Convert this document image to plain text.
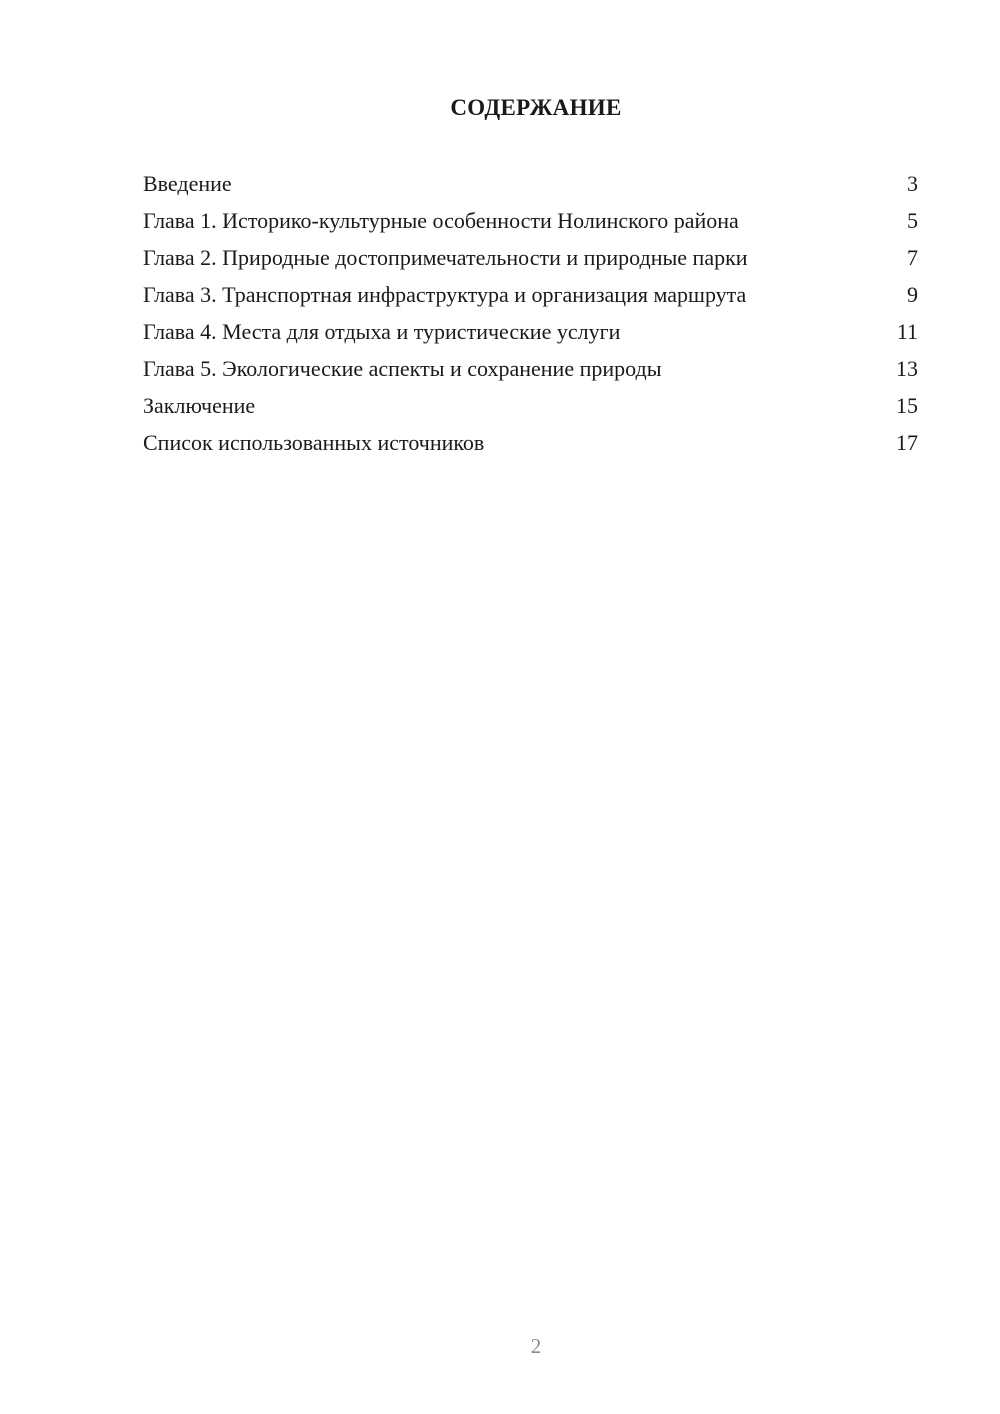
СОДЕРЖАНИЕ
Введение	3
Глава 1. Историко-культурные особенности Нолинского района	5
Глава 2. Природные достопримечательности и природные парки	7
Глава 3. Транспортная инфраструктура и организация маршрута	9
Глава 4. Места для отдыха и туристические услуги	11
Глава 5. Экологические аспекты и сохранение природы	13
Заключение	15
Список использованных источников	17
2
